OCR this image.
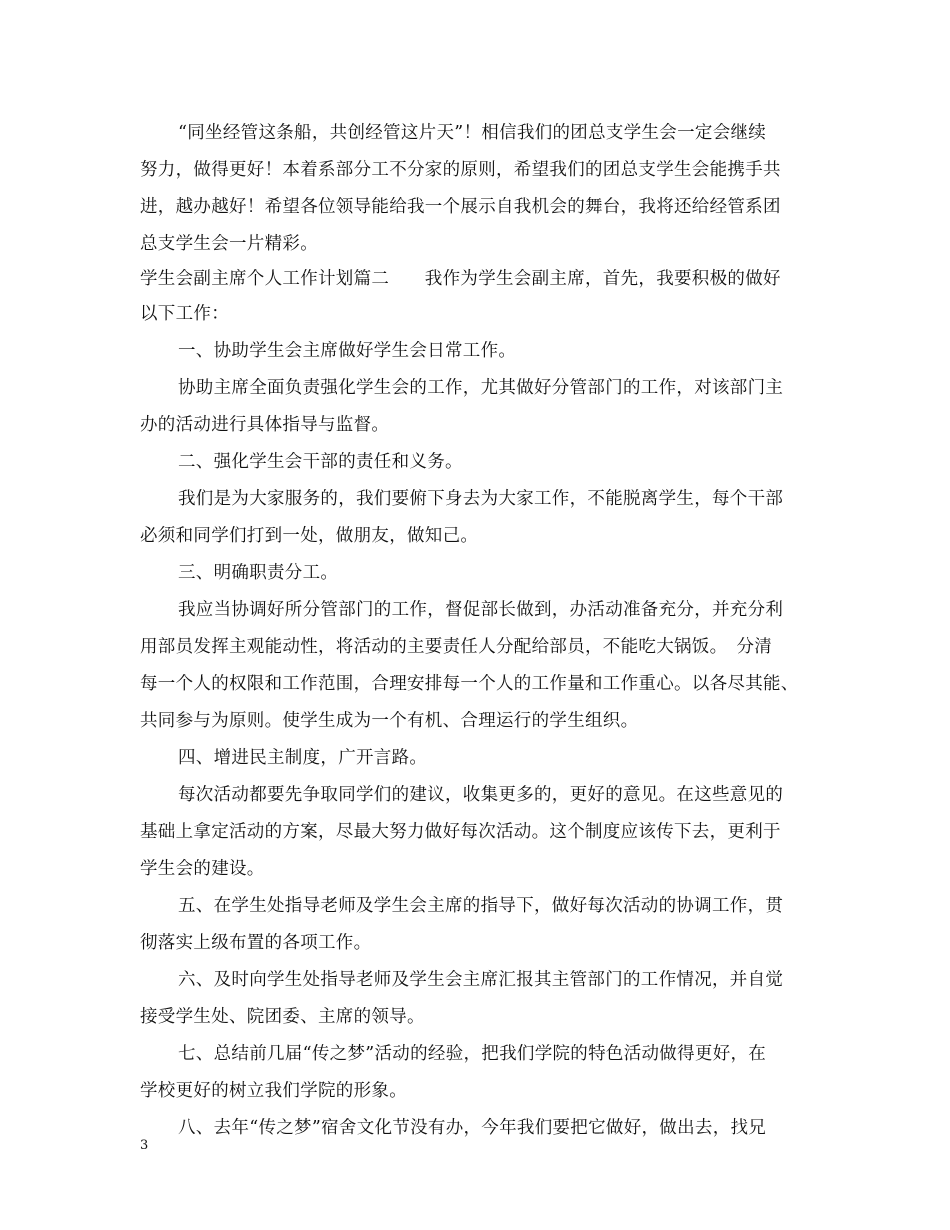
“同坐经管这条船，共创经管这片天”！相信我们的团总支学生会一定会继续
努力，做得更好！本着系部分工不分家的原则，希望我们的团总支学生会能携手共
进，越办越好！希望各位领导能给我一个展示自我机会的舞台，我将还给经管系团
总支学生会一片精彩。
学生会副主席个人工作计划篇二　　我作为学生会副主席，首先，我要积极的做好
以下工作：
一、协助学生会主席做好学生会日常工作。
协助主席全面负责强化学生会的工作，尤其做好分管部门的工作，对该部门主
办的活动进行具体指导与监督。
二、强化学生会干部的责任和义务。
我们是为大家服务的，我们要俯下身去为大家工作，不能脱离学生，每个干部
必须和同学们打到一处，做朋友，做知己。
三、明确职责分工。
我应当协调好所分管部门的工作，督促部长做到，办活动准备充分，并充分利
用部员发挥主观能动性，将活动的主要责任人分配给部员，不能吃大锅饭。　分清
每一个人的权限和工作范围，合理安排每一个人的工作量和工作重心。以各尽其能、
共同参与为原则。使学生成为一个有机、合理运行的学生组织。
四、增进民主制度，广开言路。
每次活动都要先争取同学们的建议，收集更多的，更好的意见。在这些意见的
基础上拿定活动的方案，尽最大努力做好每次活动。这个制度应该传下去，更利于
学生会的建设。
五、在学生处指导老师及学生会主席的指导下，做好每次活动的协调工作，贯
彻落实上级布置的各项工作。
六、及时向学生处指导老师及学生会主席汇报其主管部门的工作情况，并自觉
接受学生处、院团委、主席的领导。
七、总结前几届“传之梦”活动的经验，把我们学院的特色活动做得更好，在
学校更好的树立我们学院的形象。
八、去年“传之梦”宿舍文化节没有办，今年我们要把它做好，做出去，找兄
3
